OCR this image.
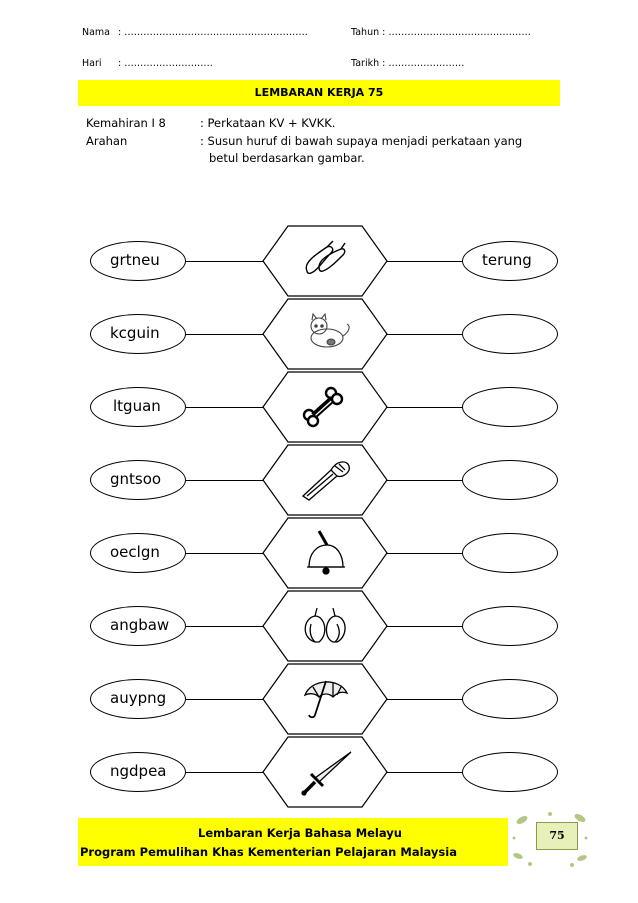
Nama : ………………………………………………….	Tahun : ………………………………………
Hari : ……………………….	Tarikh : ……………………
LEMBARAN KERJA 75
Kemahiran I 8	: Perkataan KV + KVKK.
Arahan	: Susun huruf di bawah supaya menjadi perkataan yang
betul berdasarkan gambar.
grtneu	terung
kcguin
ltguan
gntsoo
oeclgn
angbaw
auypng
ngdpea
Lembaran Kerja Bahasa Melayu
Program Pemulihan Khas Kementerian Pelajaran Malaysia
75
